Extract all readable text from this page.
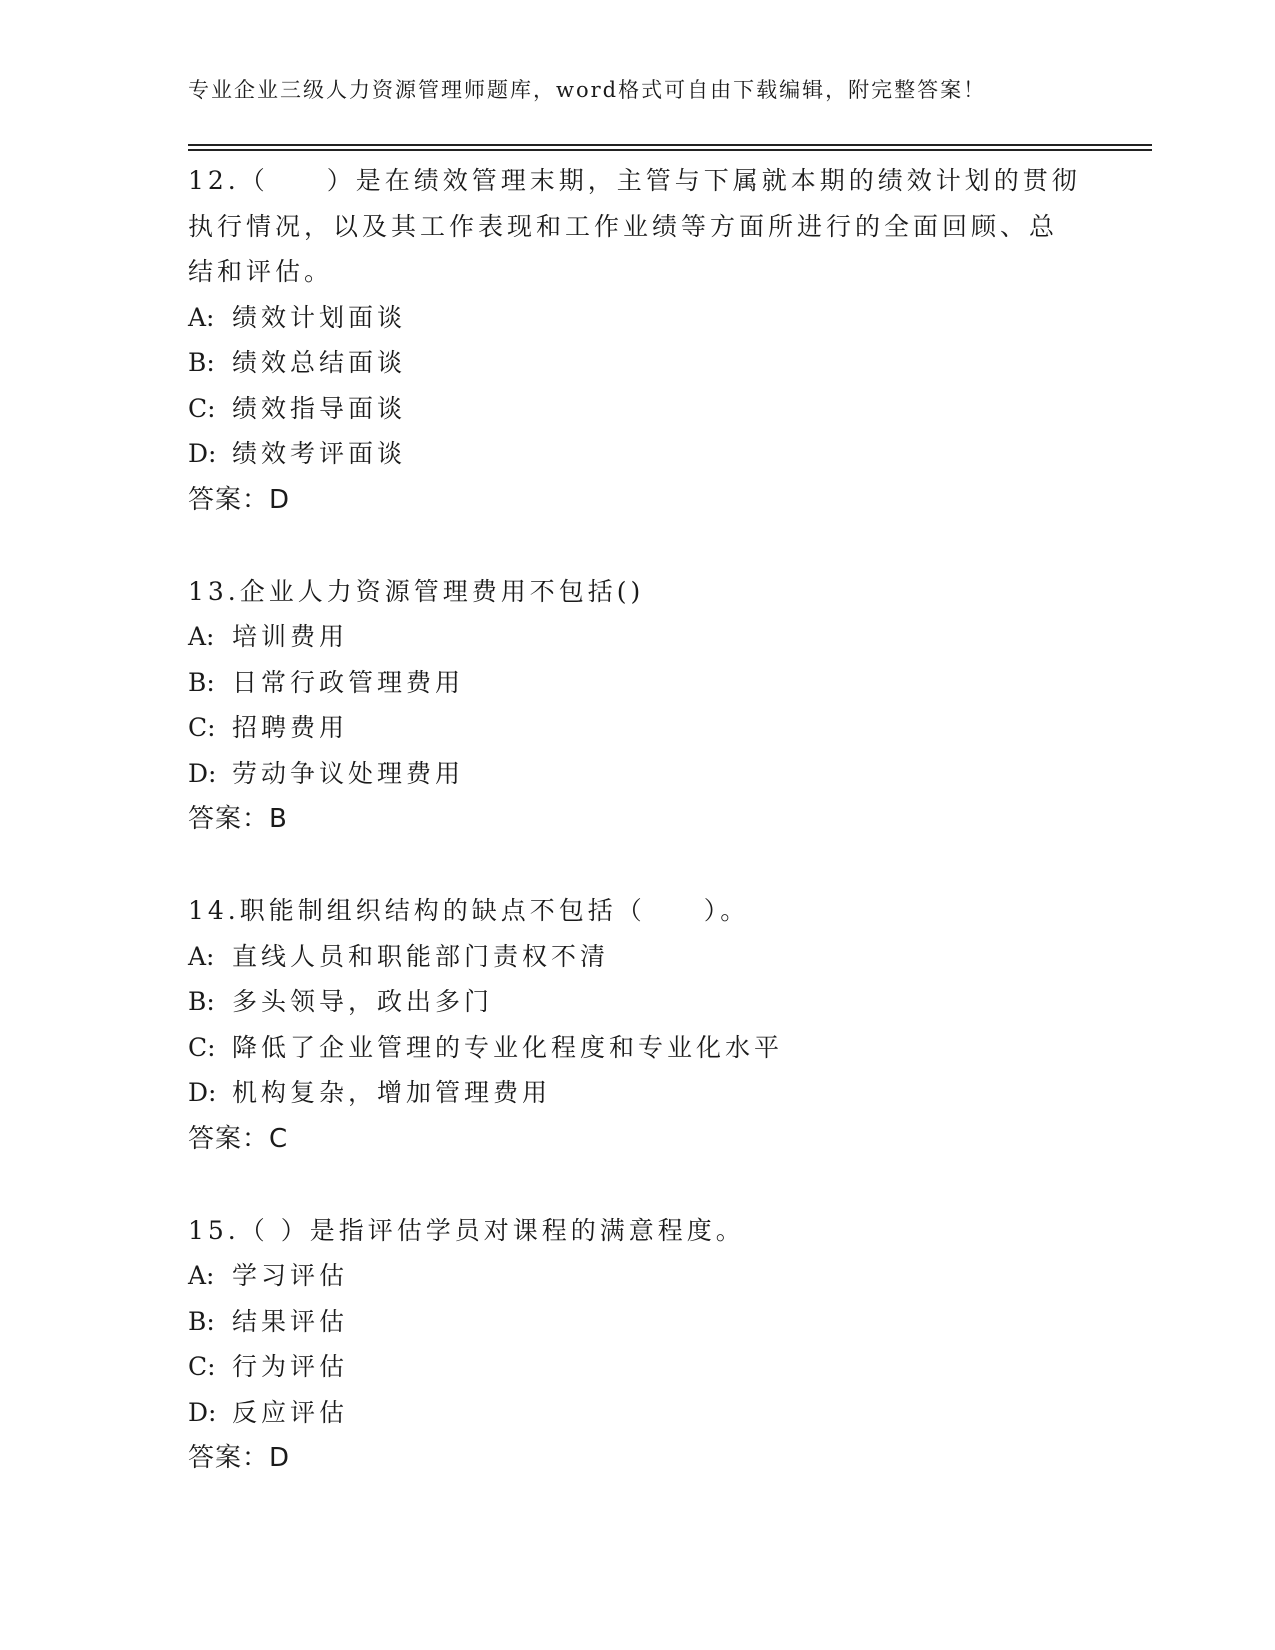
专业企业三级人力资源管理师题库，word格式可自由下载编辑，附完整答案！
12.（　　）是在绩效管理末期，主管与下属就本期的绩效计划的贯彻
执行情况，以及其工作表现和工作业绩等方面所进行的全面回顾、总
结和评估。
A: 绩效计划面谈
B: 绩效总结面谈
C: 绩效指导面谈
D: 绩效考评面谈
答案：D
13.企业人力资源管理费用不包括()
A: 培训费用
B: 日常行政管理费用
C: 招聘费用
D: 劳动争议处理费用
答案：B
14.职能制组织结构的缺点不包括（　　）。
A: 直线人员和职能部门责权不清
B: 多头领导，政出多门
C: 降低了企业管理的专业化程度和专业化水平
D: 机构复杂，增加管理费用
答案：C
15.（ ）是指评估学员对课程的满意程度。
A: 学习评估
B: 结果评估
C: 行为评估
D: 反应评估
答案：D
